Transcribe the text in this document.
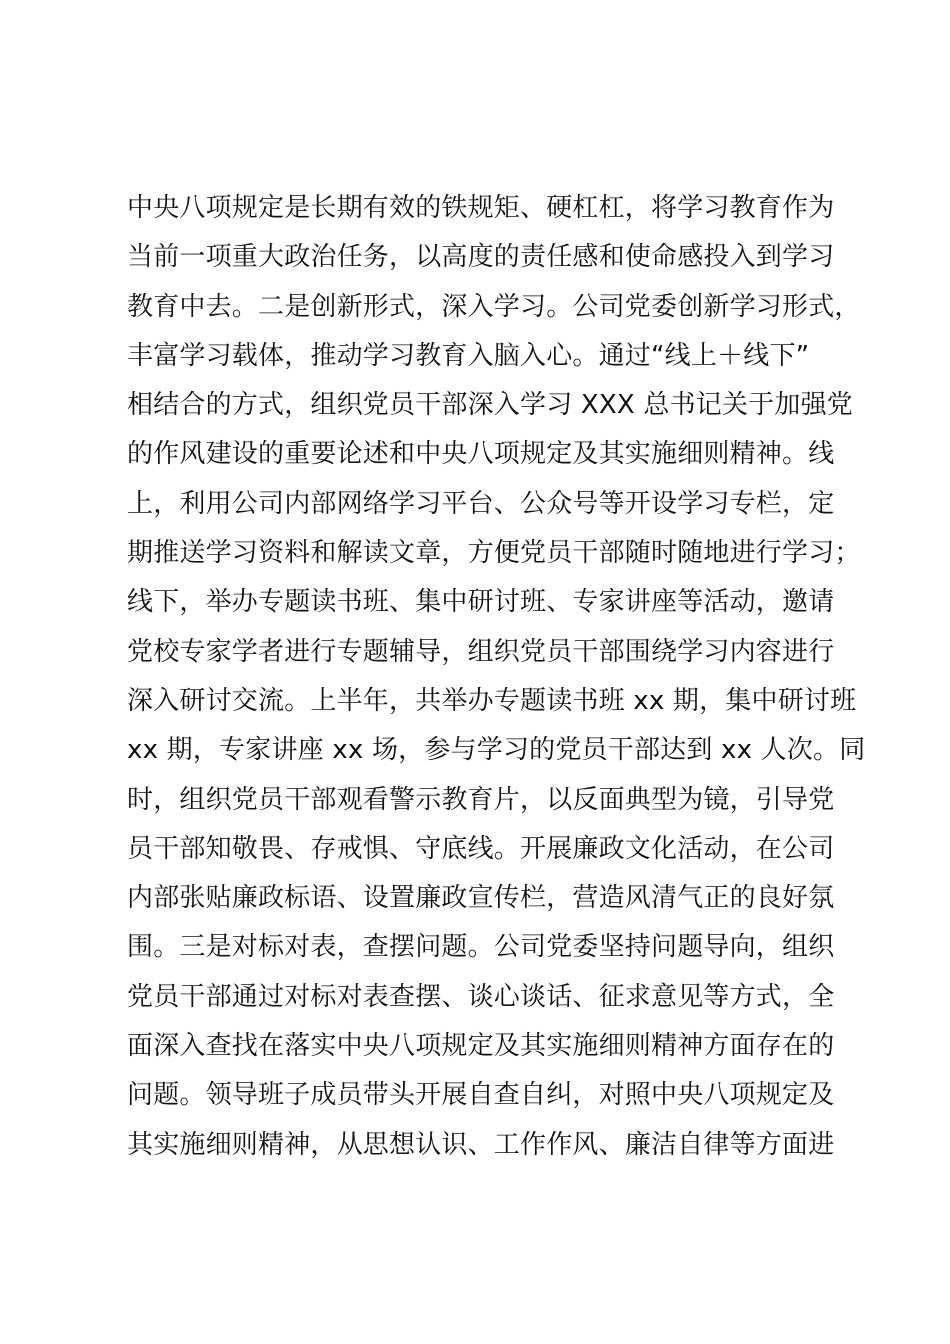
中央八项规定是长期有效的铁规矩、硬杠杠，将学习教育作为
当前一项重大政治任务，以高度的责任感和使命感投入到学习
教育中去。二是创新形式，深入学习。公司党委创新学习形式，
丰富学习载体，推动学习教育入脑入心。通过“线上＋线下”
相结合的方式，组织党员干部深入学习 XXX 总书记关于加强党
的作风建设的重要论述和中央八项规定及其实施细则精神。线
上，利用公司内部网络学习平台、公众号等开设学习专栏，定
期推送学习资料和解读文章，方便党员干部随时随地进行学习；
线下，举办专题读书班、集中研讨班、专家讲座等活动，邀请
党校专家学者进行专题辅导，组织党员干部围绕学习内容进行
深入研讨交流。上半年，共举办专题读书班 xx 期，集中研讨班
xx 期，专家讲座 xx 场，参与学习的党员干部达到 xx 人次。同
时，组织党员干部观看警示教育片，以反面典型为镜，引导党
员干部知敬畏、存戒惧、守底线。开展廉政文化活动，在公司
内部张贴廉政标语、设置廉政宣传栏，营造风清气正的良好氛
围。三是对标对表，查摆问题。公司党委坚持问题导向，组织
党员干部通过对标对表查摆、谈心谈话、征求意见等方式，全
面深入查找在落实中央八项规定及其实施细则精神方面存在的
问题。领导班子成员带头开展自查自纠，对照中央八项规定及
其实施细则精神，从思想认识、工作作风、廉洁自律等方面进
